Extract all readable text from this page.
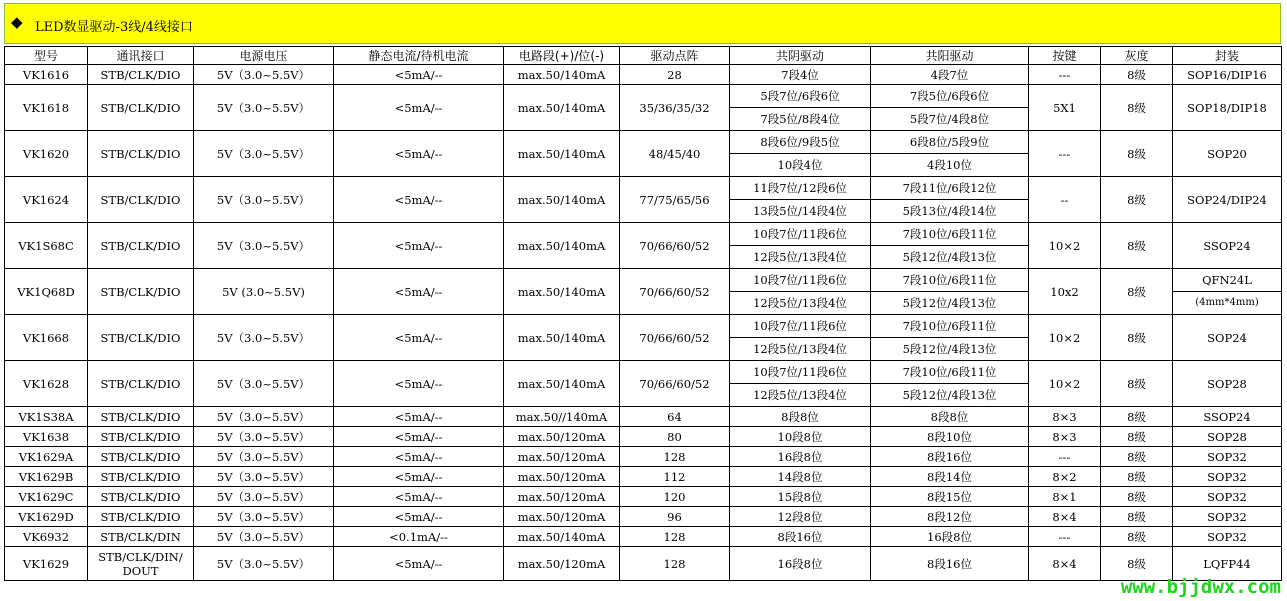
◆ LED数显驱动-3线/4线接口
型号	通讯接口	电源电压	静态电流/待机电流	电路段(+)/位(-)	驱动点阵	共阴驱动	共阳驱动	按键	灰度	封装
VK1616	STB/CLK/DIO	5V（3.0~5.5V）	<5mA/--	max.50/140mA	28	7段4位	4段7位	---	8级	SOP16/DIP16
VK1618	STB/CLK/DIO	5V（3.0~5.5V）	<5mA/--	max.50/140mA	35/36/35/32	5段7位/6段6位	7段5位/6段6位	5X1	8级	SOP18/DIP18
						7段5位/8段4位	5段7位/4段8位			
VK1620	STB/CLK/DIO	5V（3.0~5.5V）	<5mA/--	max.50/140mA	48/45/40	8段6位/9段5位	6段8位/5段9位	---	8级	SOP20
						10段4位	4段10位			
VK1624	STB/CLK/DIO	5V（3.0~5.5V）	<5mA/--	max.50/140mA	77/75/65/56	11段7位/12段6位	7段11位/6段12位	--	8级	SOP24/DIP24
						13段5位/14段4位	5段13位/4段14位			
VK1S68C	STB/CLK/DIO	5V（3.0~5.5V）	<5mA/--	max.50/140mA	70/66/60/52	10段7位/11段6位	7段10位/6段11位	10×2	8级	SSOP24
						12段5位/13段4位	5段12位/4段13位			
VK1Q68D	STB/CLK/DIO	5V (3.0~5.5V)	<5mA/--	max.50/140mA	70/66/60/52	10段7位/11段6位	7段10位/6段11位	10x2	8级	QFN24L
						12段5位/13段4位	5段12位/4段13位			(4mm*4mm)
VK1668	STB/CLK/DIO	5V（3.0~5.5V）	<5mA/--	max.50/140mA	70/66/60/52	10段7位/11段6位	7段10位/6段11位	10×2	8级	SOP24
						12段5位/13段4位	5段12位/4段13位			
VK1628	STB/CLK/DIO	5V（3.0~5.5V）	<5mA/--	max.50/140mA	70/66/60/52	10段7位/11段6位	7段10位/6段11位	10×2	8级	SOP28
						12段5位/13段4位	5段12位/4段13位			
VK1S38A	STB/CLK/DIO	5V（3.0~5.5V）	<5mA/--	max.50//140mA	64	8段8位	8段8位	8×3	8级	SSOP24
VK1638	STB/CLK/DIO	5V（3.0~5.5V）	<5mA/--	max.50/120mA	80	10段8位	8段10位	8×3	8级	SOP28
VK1629A	STB/CLK/DIO	5V（3.0~5.5V）	<5mA/--	max.50/120mA	128	16段8位	8段16位	---	8级	SOP32
VK1629B	STB/CLK/DIO	5V（3.0~5.5V）	<5mA/--	max.50/120mA	112	14段8位	8段14位	8×2	8级	SOP32
VK1629C	STB/CLK/DIO	5V（3.0~5.5V）	<5mA/--	max.50/120mA	120	15段8位	8段15位	8×1	8级	SOP32
VK1629D	STB/CLK/DIO	5V（3.0~5.5V）	<5mA/--	max.50/120mA	96	12段8位	8段12位	8×4	8级	SOP32
VK6932	STB/CLK/DIN	5V（3.0~5.5V）	<0.1mA/--	max.50/140mA	128	8段16位	16段8位	---	8级	SOP32
VK1629	STB/CLK/DIN/DOUT	5V（3.0~5.5V）	<5mA/--	max.50/120mA	128	16段8位	8段16位	8×4	8级	LQFP44
www.bjjdwx.com
